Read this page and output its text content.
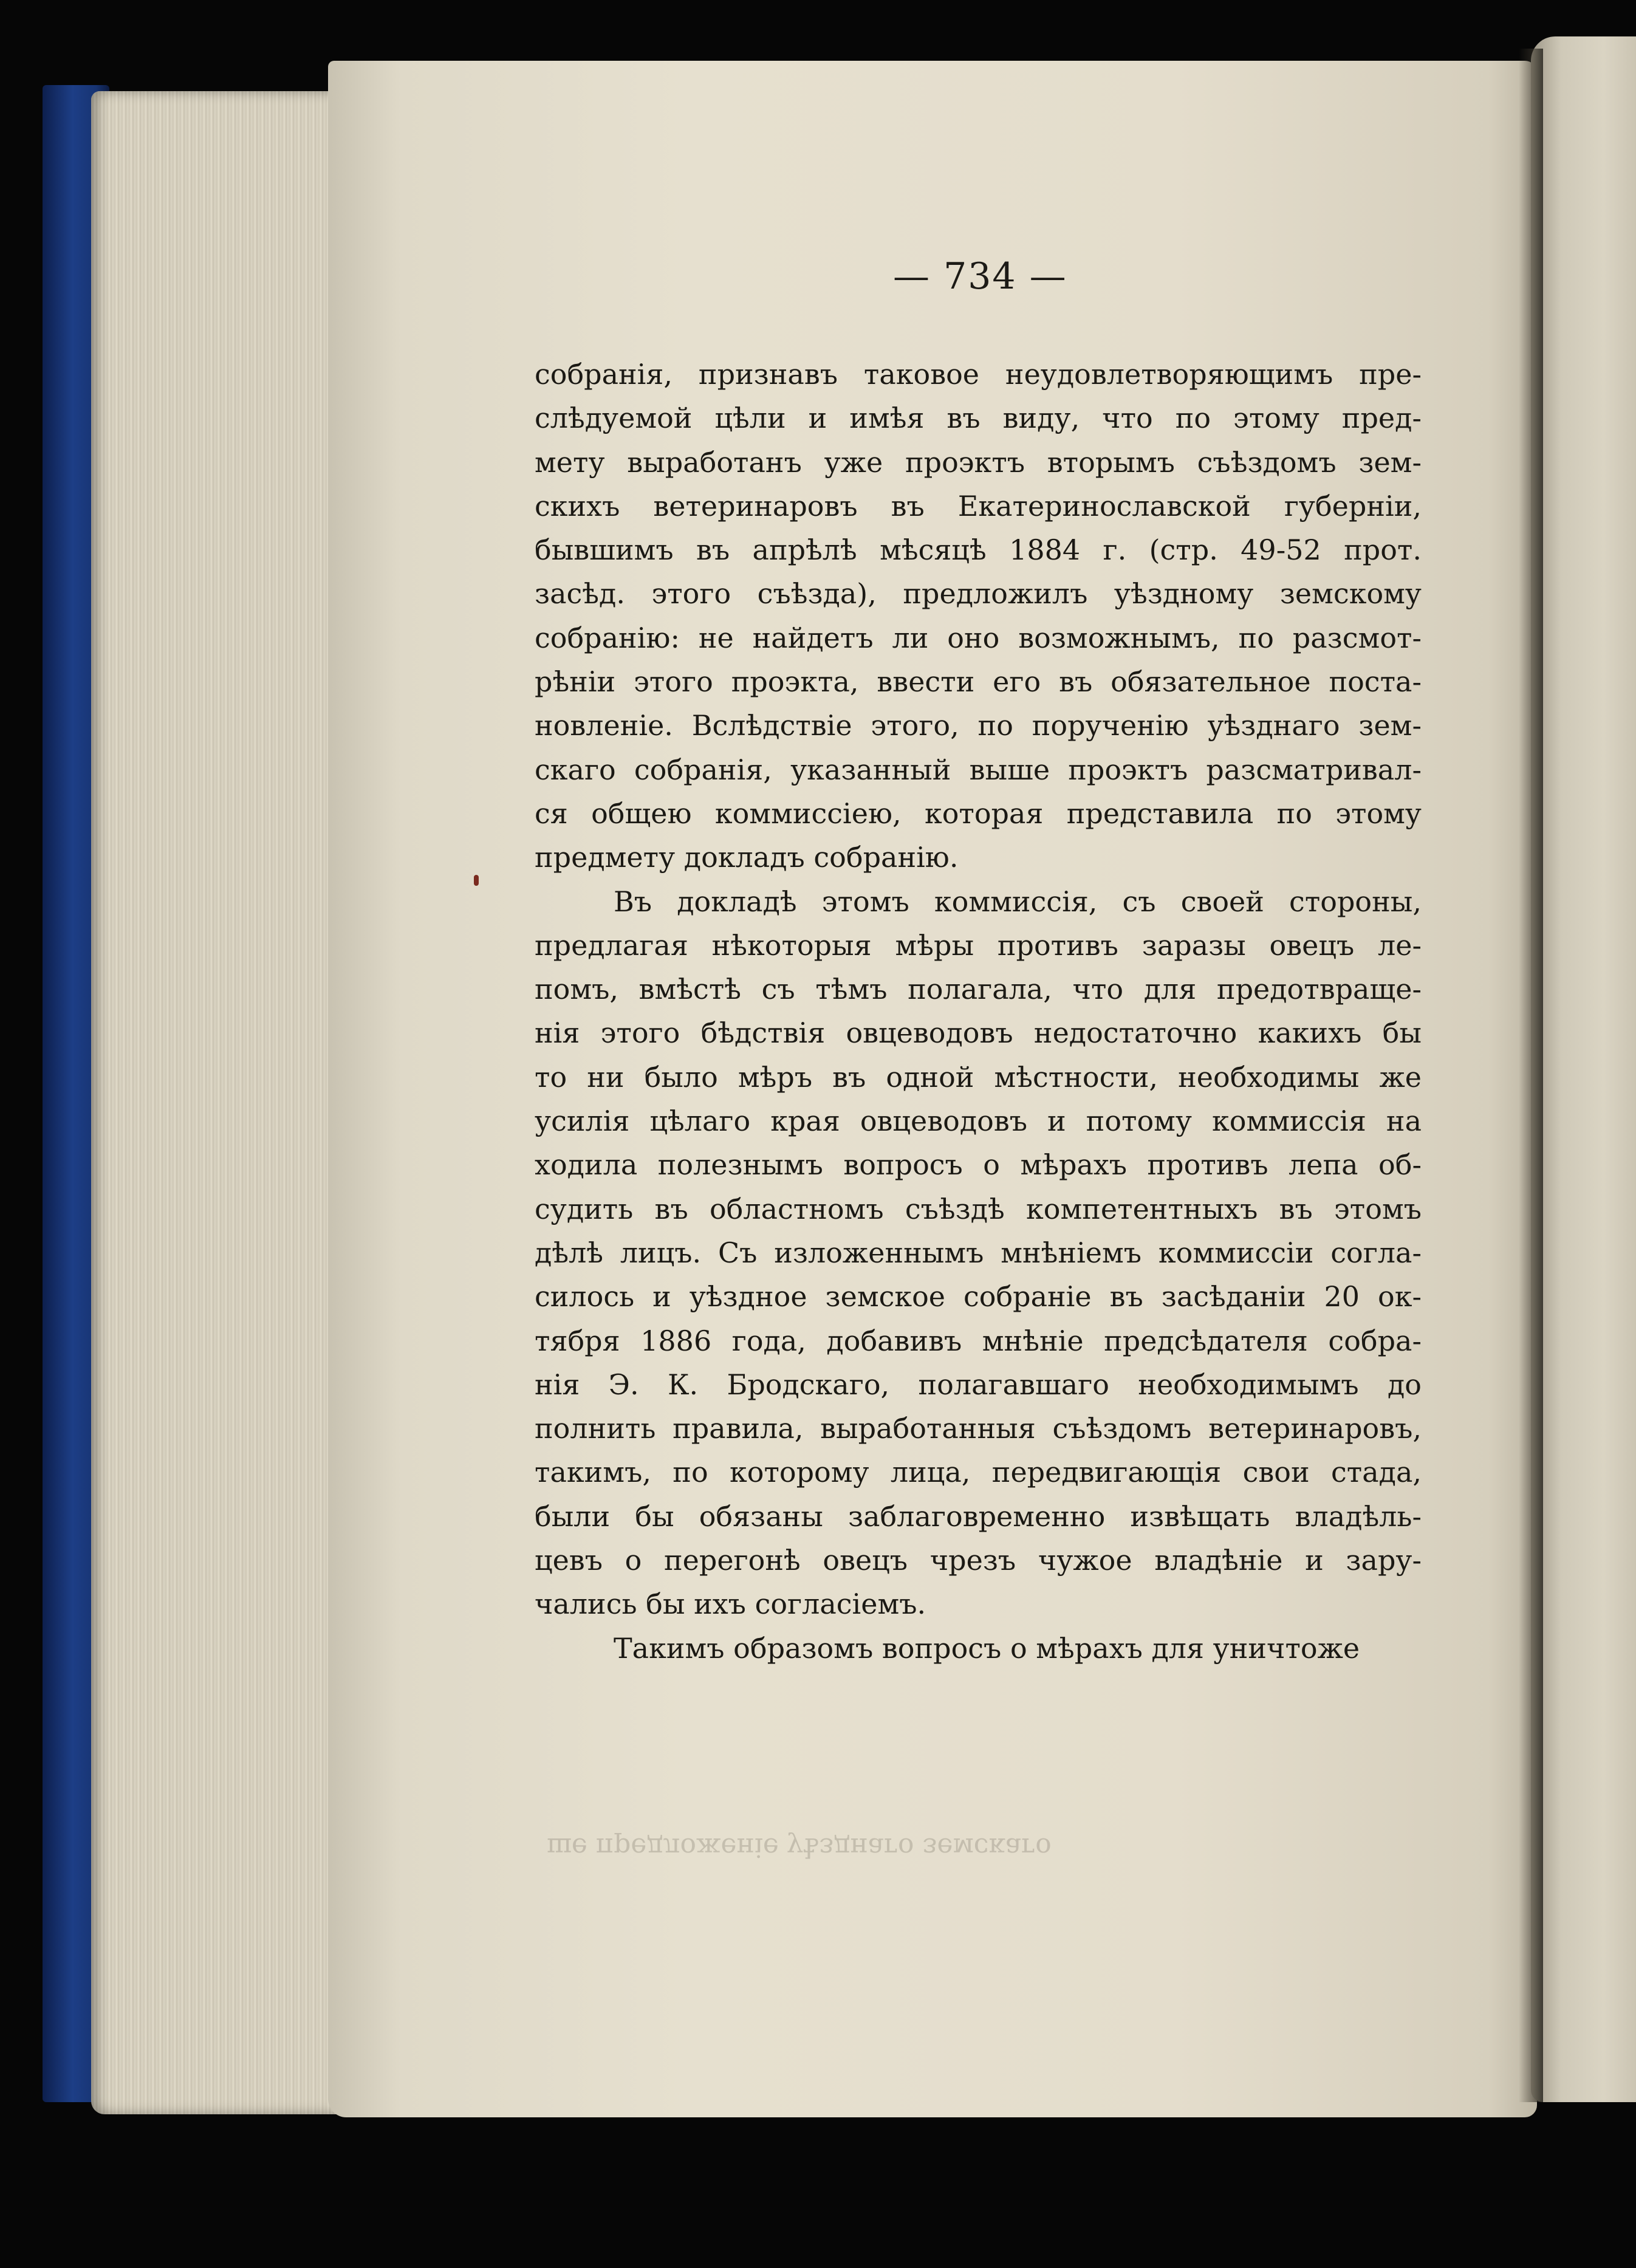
— 734 —
собранія, признавъ таковое неудовлетворяющимъ пре-
слѣдуемой цѣли и имѣя въ виду, что по этому пред-
мету выработанъ уже проэктъ вторымъ съѣздомъ зем-
скихъ ветеринаровъ въ Екатеринославской губерніи,
бывшимъ въ апрѣлѣ мѣсяцѣ 1884 г. (стр. 49-52 прот.
засѣд. этого съѣзда), предложилъ уѣздному земскому
собранію: не найдетъ ли оно возможнымъ, по разсмот-
рѣніи этого проэкта, ввести его въ обязательное поста-
новленіе. Вслѣдствіе этого, по порученію уѣзднаго зем-
скаго собранія, указанный выше проэктъ разсматривал-
ся общею коммиссіею, которая представила по этому
предмету докладъ собранію.
Въ докладѣ этомъ коммиссія, съ своей стороны,
предлагая нѣкоторыя мѣры противъ заразы овецъ ле-
помъ, вмѣстѣ съ тѣмъ полагала, что для предотвраще-
нія этого бѣдствія овцеводовъ недостаточно какихъ бы
то ни было мѣръ въ одной мѣстности, необходимы же
усилія цѣлаго края овцеводовъ и потому коммиссія на
ходила полезнымъ вопросъ о мѣрахъ противъ лепа об-
судить въ областномъ съѣздѣ компетентныхъ въ этомъ
дѣлѣ лицъ. Съ изложеннымъ мнѣніемъ коммиссіи согла-
силось и уѣздное земское собраніе въ засѣданіи 20 ок-
тября 1886 года, добавивъ мнѣніе предсѣдателя собра-
нія Э. К. Бродскаго, полагавшаго необходимымъ до
полнить правила, выработанныя съѣздомъ ветеринаровъ,
такимъ, по которому лица, передвигающія свои стада,
были бы обязаны заблаговременно извѣщать владѣль-
цевъ о перегонѣ овецъ чрезъ чужое владѣніе и зару-
чались бы ихъ согласіемъ.
Такимъ образомъ вопросъ о мѣрахъ для уничтоже
ше предложеніе уѣзднаго земскаго
